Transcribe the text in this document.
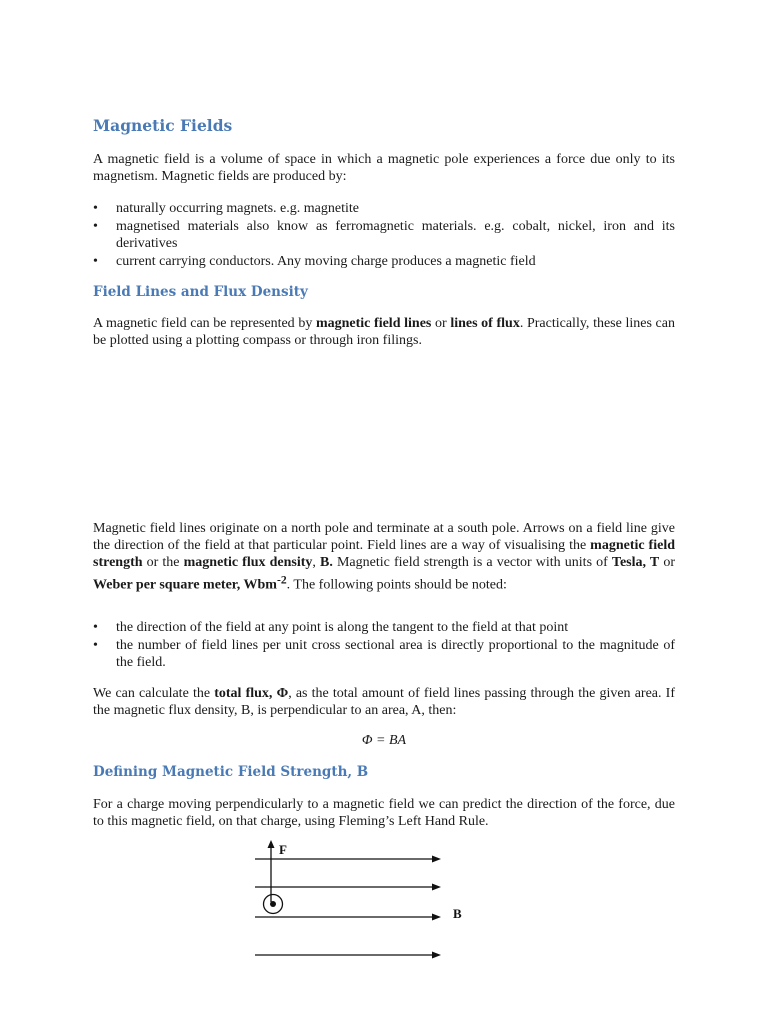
Magnetic Fields

A magnetic field is a volume of space in which a magnetic pole experiences a force due only to its magnetism. Magnetic fields are produced by:

• naturally occurring magnets. e.g. magnetite
• magnetised materials also know as ferromagnetic materials. e.g. cobalt, nickel, iron and its derivatives
• current carrying conductors. Any moving charge produces a magnetic field
Field Lines and Flux Density

A magnetic field can be represented by magnetic field lines or lines of flux. Practically, these lines can be plotted using a plotting compass or through iron filings.

Magnetic field lines originate on a north pole and terminate at a south pole. Arrows on a field line give the direction of the field at that particular point. Field lines are a way of visualising the magnetic field strength or the magnetic flux density, B. Magnetic field strength is a vector with units of Tesla, T or Weber per square meter, Wbm$^{-2}$. The following points should be noted:

• the direction of the field at any point is along the tangent to the field at that point
• the number of field lines per unit cross sectional area is directly proportional to the magnitude of the field.

We can calculate the total flux, Φ, as the total amount of field lines passing through the given area. If the magnetic flux density, B, is perpendicular to an area, A, then:

Φ = BA
Defining Magnetic Field Strength, B

For a charge moving perpendicularly to a magnetic field we can predict the direction of the force, due to this magnetic field, on that charge, using Fleming’s Left Hand Rule.

F
B
